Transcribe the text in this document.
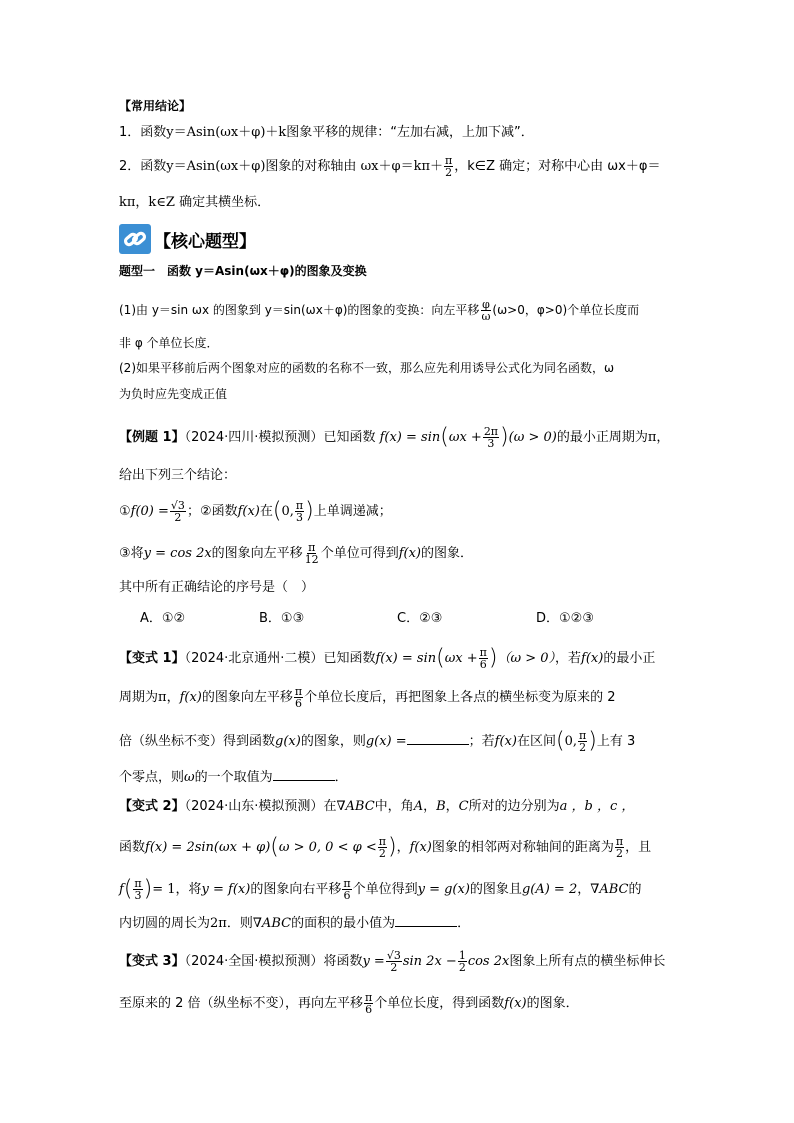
【常用结论】
1．函数y＝Asin(ωx＋φ)＋k图象平移的规律：“左加右减，上加下减”．
2．函数y＝Asin(ωx＋φ)图象的对称轴由 $\omega x+\varphi=k\pi+ \frac{\pi}{2}$ ，k∈Z 确定；对称中心由 ωx＋φ＝
kπ，k∈Z 确定其横坐标．
【核心题型】
题型一　函数 y＝Asin(ωx＋φ)的图象及变换
(1)由 y＝sin ωx 的图象到 y＝sin(ωx＋φ)的图象的变换：向左平移 $\frac{\varphi}{\omega} (\omega>0$，φ>0)个单位长度而
非 φ 个单位长度．
(2)如果平移前后两个图象对应的函数的名称不一致，那么应先利用诱导公式化为同名函数，ω
为负时应先变成正值
【例题 1】（2024·四川·模拟预测）已知函数 $f(x) = \sin(\omega x + \frac{2\pi}{3} )(\omega > 0)$的最小正周期为π，
给出下列三个结论：
①f(0) = $\frac{√3}{2}$ ；②函数f(x)在(0, $\frac{\pi}{3}$ )上单调递减；
③将y = cos 2x的图象向左平移 $\frac{\pi}{12}$ 个单位可得到f(x)的图象．
其中所有正确结论的序号是（　）
A．①②	B．①③	C．②③	D．①②③
【变式 1】（2024·北京通州·二模）已知函数$f(x) = \sin(\omega x + \frac{\pi}{6} )(\omega > 0)$，若f(x)的最小正
周期为π，f(x)的图象向左平移 $\frac{\pi}{6}$ 个单位长度后，再把图象上各点的横坐标变为原来的 2
倍（纵坐标不变）得到函数g(x)的图象，则g(x) =	；若f(x)在区间(0, $\frac{\pi}{2}$ )上有 3
个零点，则ω的一个取值为	．
【变式 2】（2024·山东·模拟预测）在∇ABC中，角A，B，C所对的边分别为a ，b ，c ，
函数f(x) = 2sin(ωx + φ)(ω > 0, $0 < \varphi < \frac{\pi}{2}$ )，f(x)图象的相邻两对称轴间的距离为 $\frac{\pi}{2}$ ，且
$f( \frac{\pi}{3}$ )= 1，将y = f(x)的图象向右平移 $\frac{\pi}{6}$ 个单位得到y = g(x)的图象且g(A) = 2，∇ABC的
内切圆的周长为2π．则∇ABC的面积的最小值为	．
【变式 3】（2024·全国·模拟预测）将函数$y = \frac{√3}{2}$ $\sin 2x - \frac{1}{2}$ cos 2x图象上所有点的横坐标伸长
至原来的 2 倍（纵坐标不变），再向左平移 $\frac{\pi}{6}$ 个单位长度，得到函数f(x)的图象．
